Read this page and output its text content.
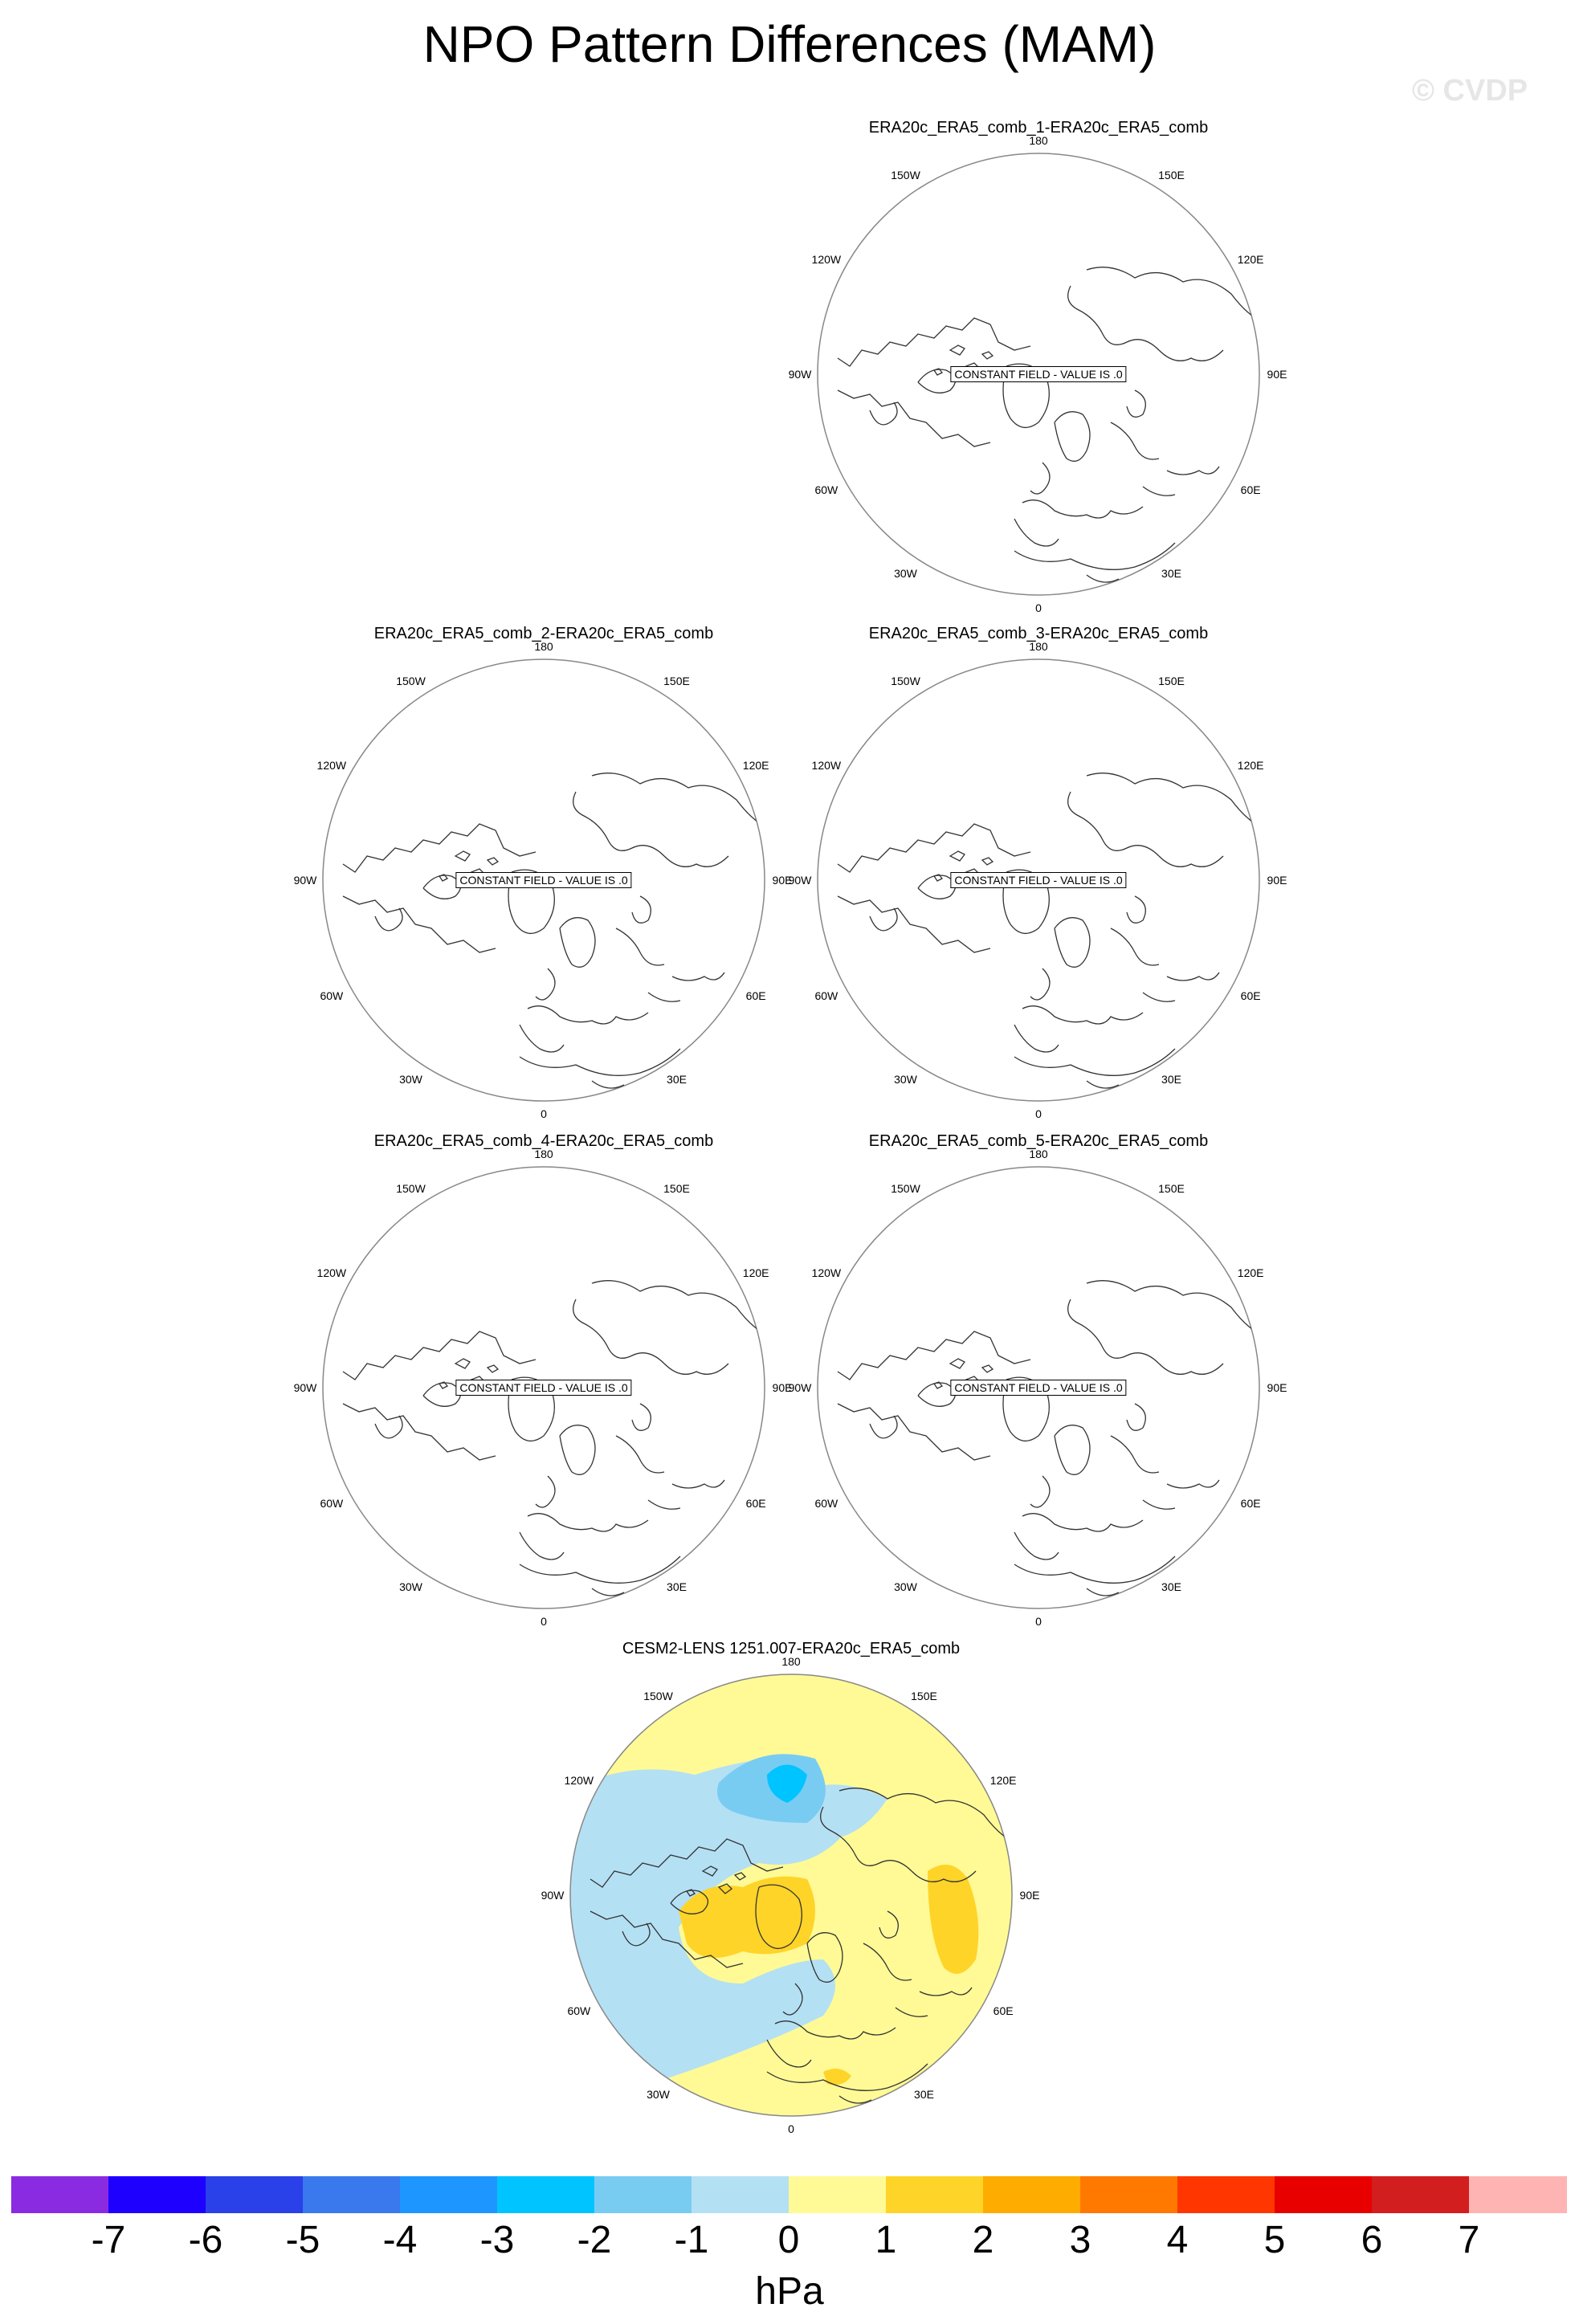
NPO Pattern Differences (MAM)
© CVDP
ERA20c_ERA5_comb_1-ERA20c_ERA5_comb
ERA20c_ERA5_comb_2-ERA20c_ERA5_comb	ERA20c_ERA5_comb_3-ERA20c_ERA5_comb
ERA20c_ERA5_comb_4-ERA20c_ERA5_comb	ERA20c_ERA5_comb_5-ERA20c_ERA5_comb
CESM2-LENS 1251.007-ERA20c_ERA5_comb
180
150W	150E
120W	120E
90W	90E
60W	60E
30W	30E
0
CONSTANT FIELD - VALUE IS .0
180
150W	150E
120W	120E
90W	90E
60W	60E
30W	30E
0
CONSTANT FIELD - VALUE IS .0
180
150W	150E
120W	120E
90W	90E
60W	60E
30W	30E
0
CONSTANT FIELD - VALUE IS .0
180
150W	150E
120W	120E
90W	90E
60W	60E
30W	30E
0
CONSTANT FIELD - VALUE IS .0
180
150W	150E
120W	120E
90W	90E
60W	60E
30W	30E
0
CONSTANT FIELD - VALUE IS .0
180
150W	150E
120W	120E
90W	90E
60W	60E
30W	30E
0
-7 -6 -5 -4 -3 -2 -1 0 1 2 3 4 5 6 7
hPa
